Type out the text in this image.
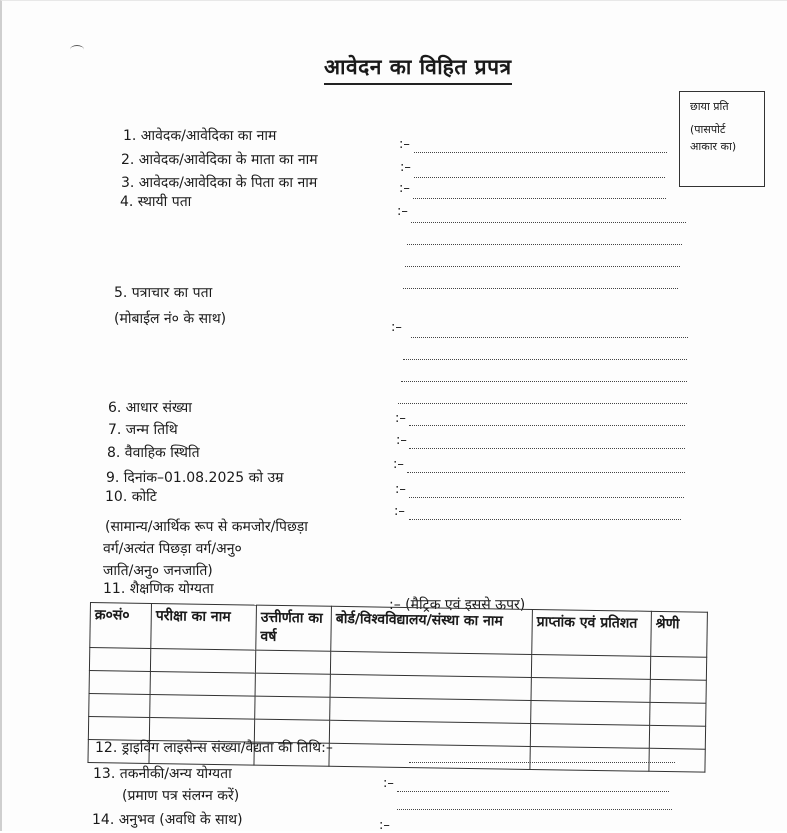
आवेदन का विहित प्रपत्र
छाया प्रति
(पासपोर्ट
आकार का)
1. आवेदक/आवेदिका का नाम
:–
2. आवेदक/आवेदिका के माता का नाम	:–
3. आवेदक/आवेदिका के पिता का नाम	:–
4. स्थायी पता
:–
5. पत्राचार का पता
(मोबाईल नं० के साथ)
:–
6. आधार संख्या
:–
7. जन्म तिथि
:–
8. वैवाहिक स्थिति
:–
9. दिनांक–01.08.2025 को उम्र
:–
10. कोटि
:–
(सामान्य/आर्थिक रूप से कमजोर/पिछड़ा
वर्ग/अत्यंत पिछड़ा वर्ग/अनु०
जाति/अनु० जनजाति)
11. शैक्षणिक योग्यता
:– (मैट्रिक एवं इससे ऊपर)
क्र०सं०	परीक्षा का नाम	उत्तीर्णता का वर्ष	बोर्ड/विश्वविद्यालय/संस्था का नाम	प्राप्तांक एवं प्रतिशत	श्रेणी

12. ड्राइविंग लाइसेन्स संख्या/वैद्यता की तिथि:–
13. तकनीकी/अन्य योग्यता
:–
(प्रमाण पत्र संलग्न करें)
14. अनुभव (अवधि के साथ)	:–
